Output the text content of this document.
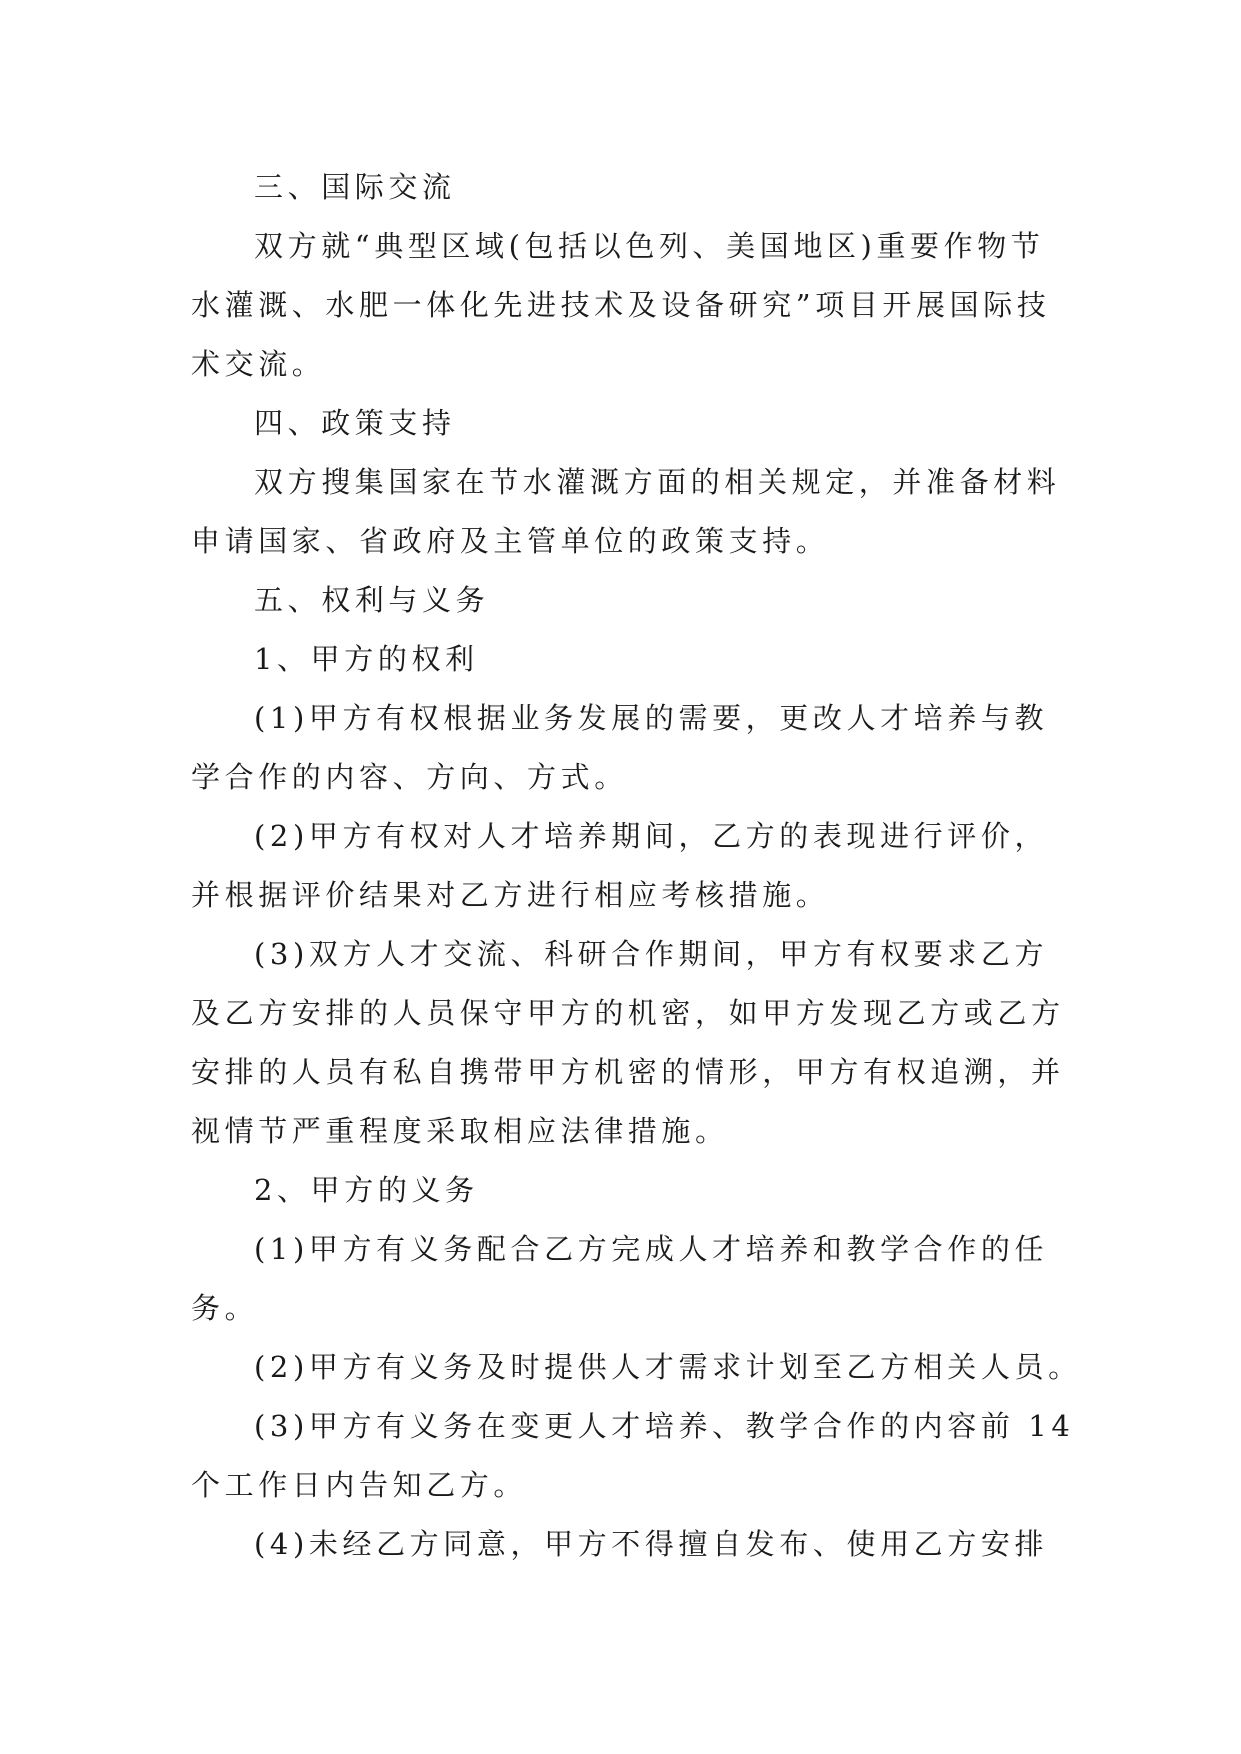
三、国际交流
双方就“典型区域(包括以色列、美国地区)重要作物节
水灌溉、水肥一体化先进技术及设备研究”项目开展国际技
术交流。
四、政策支持
双方搜集国家在节水灌溉方面的相关规定，并准备材料
申请国家、省政府及主管单位的政策支持。
五、权利与义务
1、甲方的权利
(1)甲方有权根据业务发展的需要，更改人才培养与教
学合作的内容、方向、方式。
(2)甲方有权对人才培养期间，乙方的表现进行评价，
并根据评价结果对乙方进行相应考核措施。
(3)双方人才交流、科研合作期间，甲方有权要求乙方
及乙方安排的人员保守甲方的机密，如甲方发现乙方或乙方
安排的人员有私自携带甲方机密的情形，甲方有权追溯，并
视情节严重程度采取相应法律措施。
2、甲方的义务
(1)甲方有义务配合乙方完成人才培养和教学合作的任
务。
(2)甲方有义务及时提供人才需求计划至乙方相关人员。
(3)甲方有义务在变更人才培养、教学合作的内容前 14
个工作日内告知乙方。
(4)未经乙方同意，甲方不得擅自发布、使用乙方安排
